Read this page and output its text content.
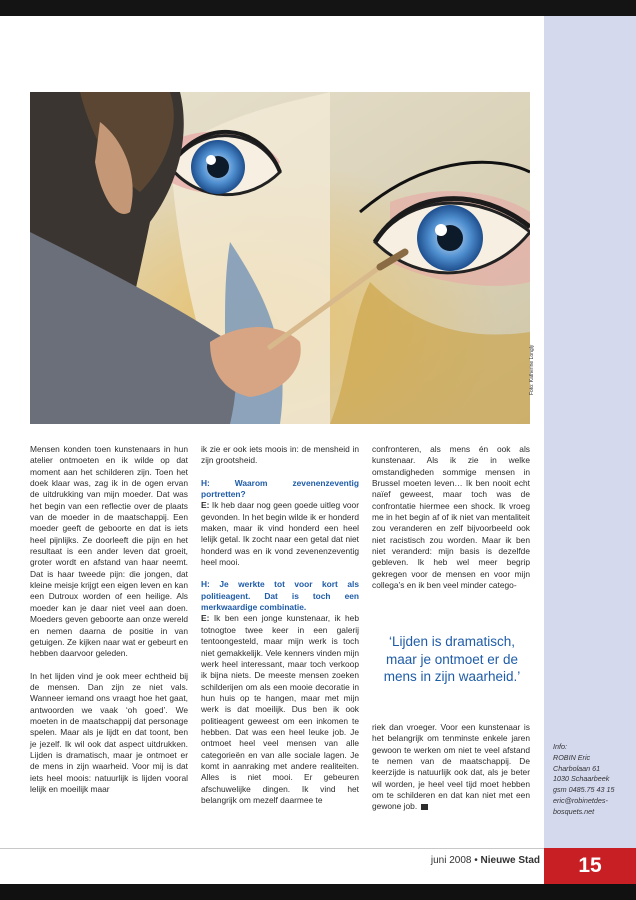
Foto: Katherine Longly

Mensen konden toen kunstenaars in hun atelier ontmoeten en ik wilde op dat moment aan het schilderen zijn. Toen het doek klaar was, zag ik in de ogen ervan de uitdrukking van mijn moeder. Dat was het begin van een reflectie over de plaats van de moeder in de maatschappij. Een moeder geeft de geboorte en dat is iets heel pijnlijks. Ze doorleeft die pijn en het resultaat is een ander leven dat groeit, groter wordt en afstand van haar neemt. Dat is haar tweede pijn: die jongen, dat kleine meisje krijgt een eigen leven en kan een Dutroux worden of een heilige. Als moeder kan je daar niet veel aan doen. Moeders geven geboorte aan onze wereld en nemen daarna de positie in van getuigen. Ze kijken naar wat er gebeurt en hebben daarvoor geleden.

In het lijden vind je ook meer echtheid bij de mensen. Dan zijn ze niet vals. Wanneer iemand ons vraagt hoe het gaat, antwoorden we vaak ‘oh goed’. We moeten in de maatschappij dat personage spelen. Maar als je lijdt en dat toont, ben je jezelf. Ik wil ook dat aspect uitdrukken. Lijden is dramatisch, maar je ontmoet er de mens in zijn waarheid. Voor mij is dat iets heel moois: natuurlijk is lijden vooral lelijk en moeilijk maar

ik zie er ook iets moois in: de mensheid in zijn grootsheid.

H: Waarom zevenenzeventig portretten?
E: Ik heb daar nog geen goede uitleg voor gevonden. In het begin wilde ik er honderd maken, maar ik vind honderd een heel lelijk getal. Ik zocht naar een getal dat niet honderd was en ik vond zevenenzeventig heel mooi.

H: Je werkte tot voor kort als politieagent. Dat is toch een merkwaardige combinatie.
E: Ik ben een jonge kunstenaar, ik heb totnogtoe twee keer in een galerij tentoongesteld, maar mijn werk is toch niet gemakkelijk. Vele kenners vinden mijn werk heel interessant, maar toch verkoop ik bijna niets. De meeste mensen zoeken schilderijen om als een mooie decoratie in hun huis op te hangen, maar met mijn werk is dat moeilijk. Dus ben ik ook politieagent geweest om een inkomen te hebben. Dat was een heel leuke job. Je ontmoet heel veel mensen van alle categorieën en van alle sociale lagen. Je komt in aanraking met andere realiteiten. Alles is niet mooi. Er gebeuren afschuwelijke dingen. Ik vind het belangrijk om mezelf daarmee te

confronteren, als mens én ook als kunstenaar. Als ik zie in welke omstandigheden sommige mensen in Brussel moeten leven… Ik ben nooit echt naïef geweest, maar toch was de confrontatie hiermee een shock. Ik vroeg me in het begin af of ik niet van mentaliteit zou veranderen en zelf bijvoorbeeld ook niet racistisch zou worden. Maar ik ben niet veranderd: mijn basis is dezelfde gebleven. Ik heb wel meer begrip gekregen voor de mensen en voor mijn collega’s en ik ben veel minder catego-

‘Lijden is dramatisch, maar je ontmoet er de mens in zijn waarheid.’
riek dan vroeger. Voor een kunstenaar is het belangrijk om tenminste enkele jaren gewoon te werken om niet te veel afstand te nemen van de maatschappij. De keerzijde is natuurlijk ook dat, als je beter wil worden, je heel veel tijd moet hebben om te schilderen en dat kan niet met een gewone job.
Info:
ROBIN Eric
Charbolaan 61
1030 Schaarbeek
gsm 0485.75 43 15
eric@robinetdes-
bosquets.net
juni 2008 • Nieuwe Stad	15
